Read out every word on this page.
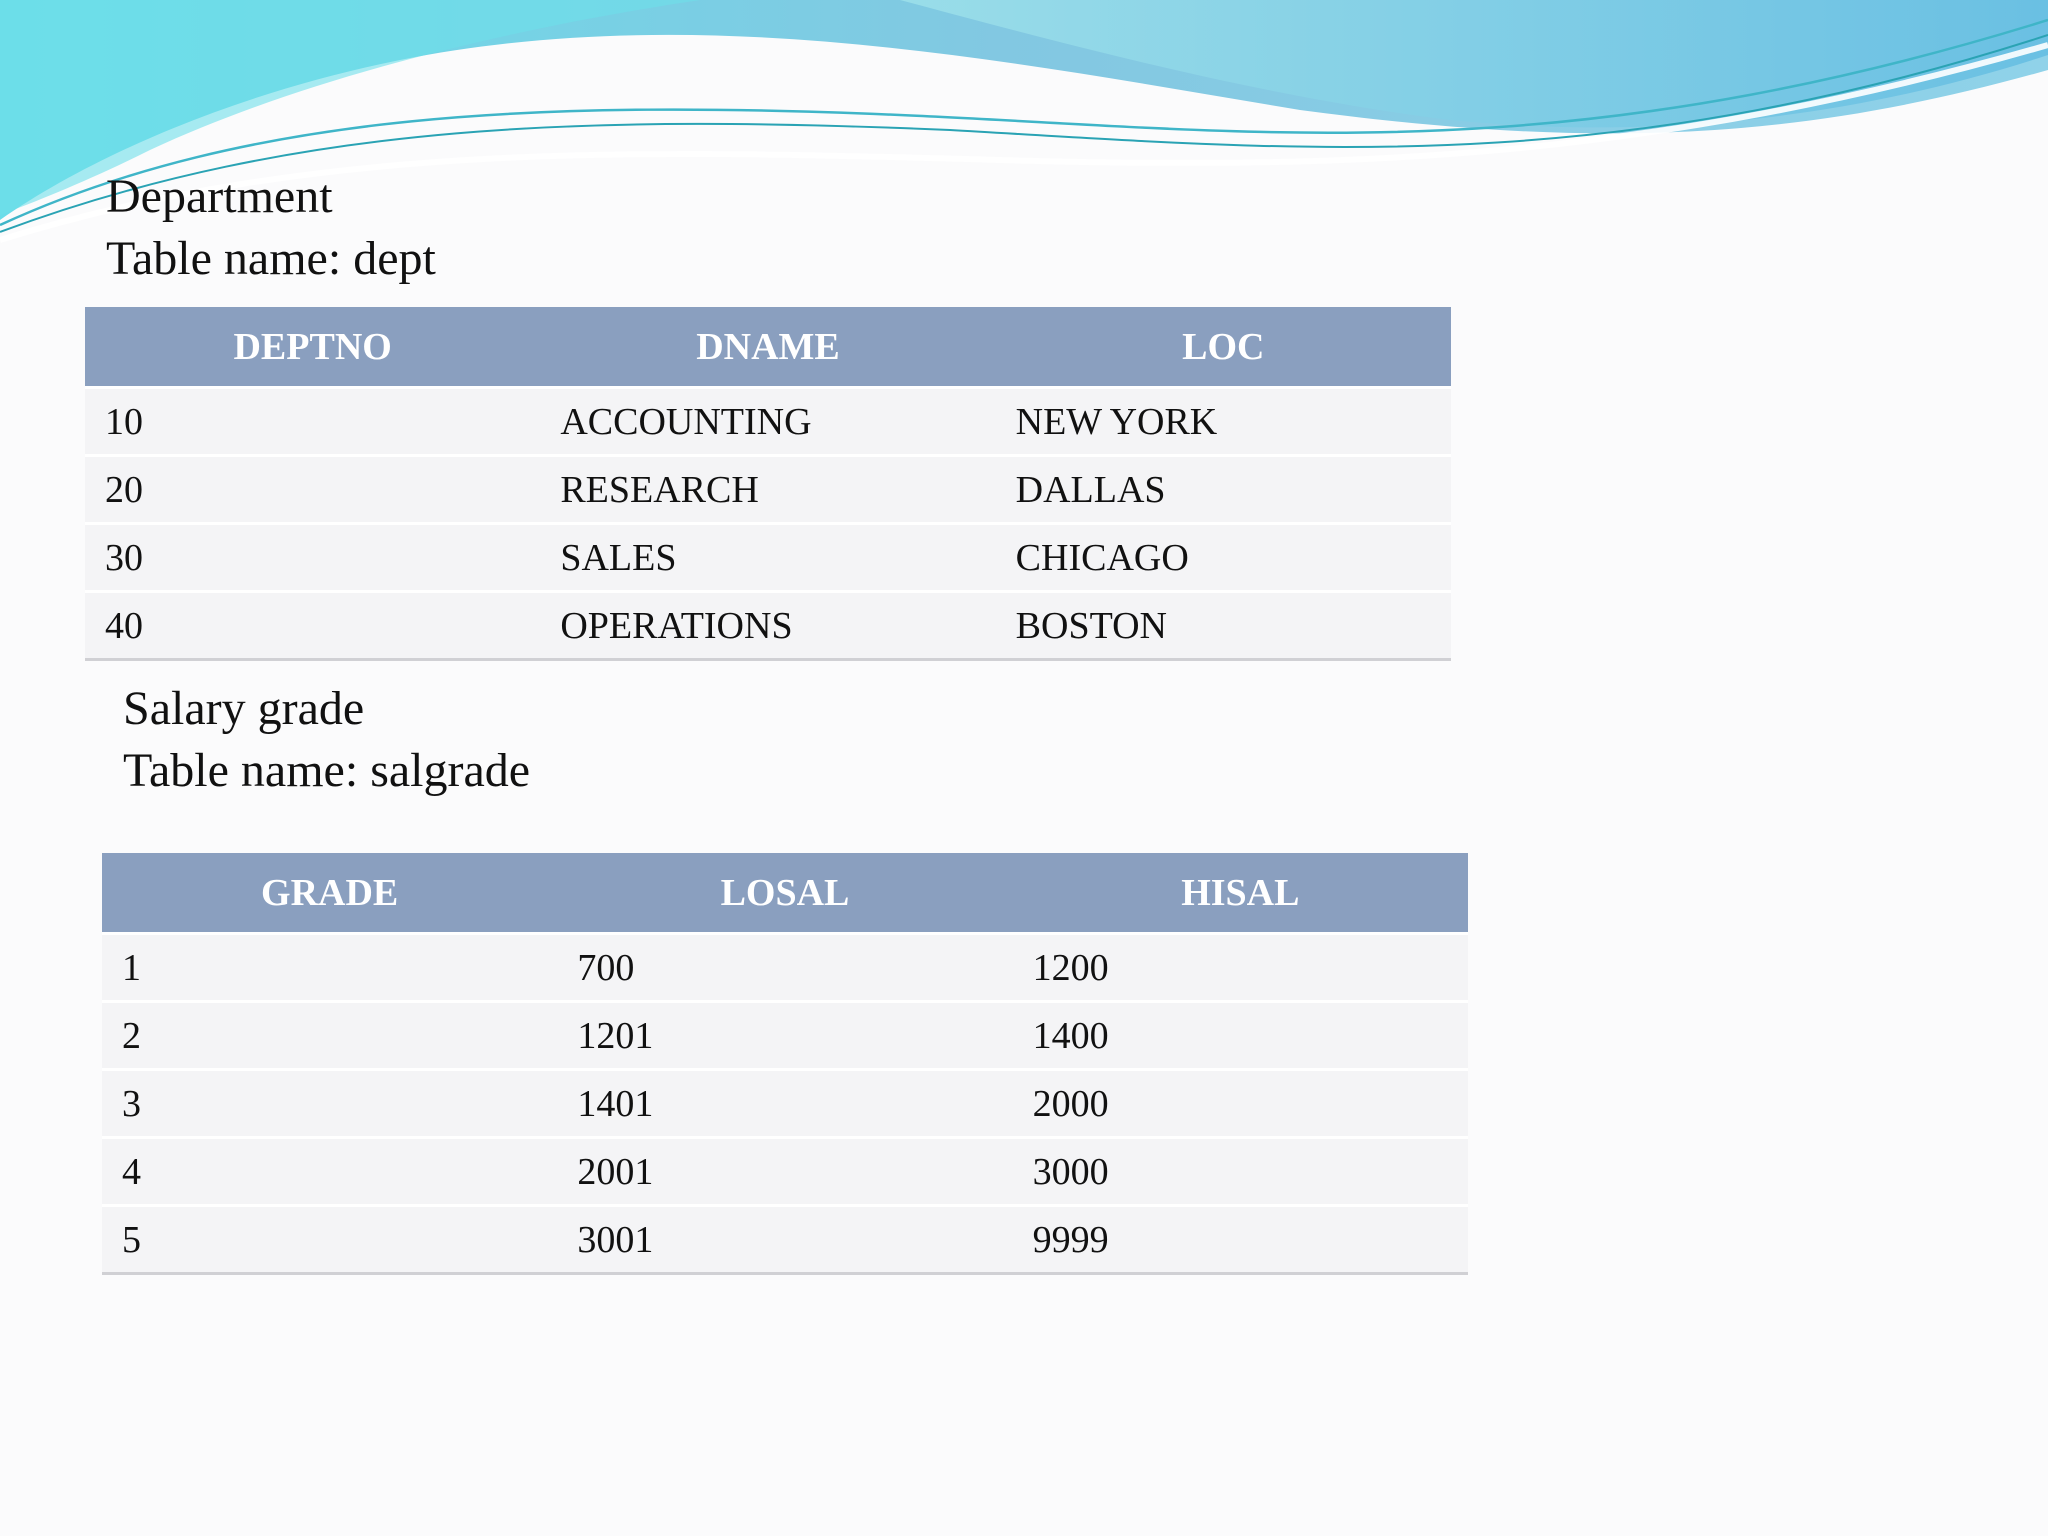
Department
Table name: dept
DEPTNO	DNAME	LOC
10	ACCOUNTING	NEW YORK
20	RESEARCH	DALLAS
30	SALES	CHICAGO
40	OPERATIONS	BOSTON
Salary grade
Table name: salgrade
GRADE	LOSAL	HISAL
1	700	1200
2	1201	1400
3	1401	2000
4	2001	3000
5	3001	9999
